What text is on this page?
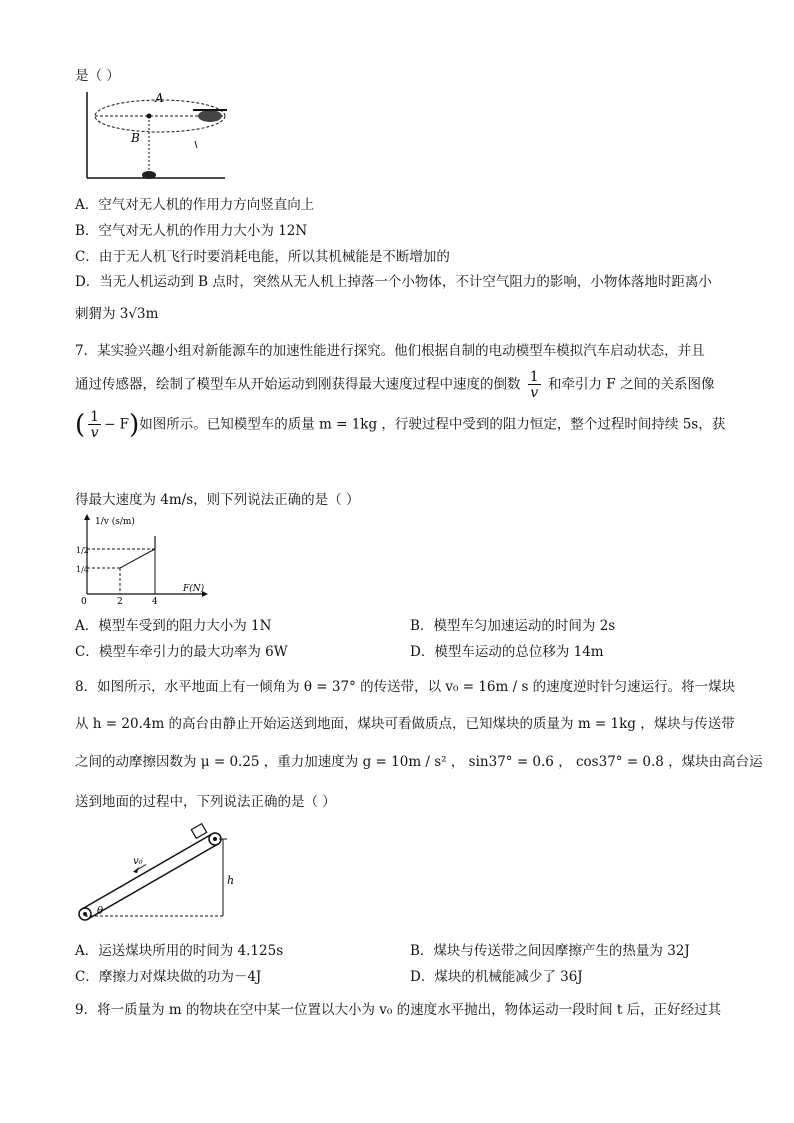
是（ ）
A
B
A．空气对无人机的作用力方向竖直向上
B．空气对无人机的作用力大小为 12N
C．由于无人机飞行时要消耗电能，所以其机械能是不断增加的
D．当无人机运动到 B 点时，突然从无人机上掉落一个小物体，不计空气阻力的影响，小物体落地时距离小
刺猬为 3√3m
7．某实验兴趣小组对新能源车的加速性能进行探究。他们根据自制的电动模型车模拟汽车启动状态，并且
通过传感器，绘制了模型车从开始运动到刚获得最大速度过程中速度的倒数 $\frac{1}{v}$ 和牵引力 F 之间的关系图像
( $\frac{1}{v} - F$)如图所示。已知模型车的质量 m = 1kg ，行驶过程中受到的阻力恒定，整个过程时间持续 5s，获
得最大速度为 4m/s，则下列说法正确的是（ ）
1/v (s/m)
F(N)
1/2
1/4
0	2	4
A．模型车受到的阻力大小为 1N	B．模型车匀加速运动的时间为 2s
C．模型车牵引力的最大功率为 6W	D．模型车运动的总位移为 14m
8．如图所示，水平地面上有一倾角为 θ = 37° 的传送带，以 v₀ = 16m / s 的速度逆时针匀速运行。将一煤块
从 h = 20.4m 的高台由静止开始运送到地面，煤块可看做质点，已知煤块的质量为 m = 1kg ，煤块与传送带
之间的动摩擦因数为 μ = 0.25 ，重力加速度为 g = 10m / s² ， sin37° = 0.6 ， cos37° = 0.8 ，煤块由高台运
送到地面的过程中，下列说法正确的是（ ）
h
v₀
θ
A．运送煤块所用的时间为 4.125s	B．煤块与传送带之间因摩擦产生的热量为 32J
C．摩擦力对煤块做的功为－4J	D．煤块的机械能减少了 36J
9．将一质量为 m 的物块在空中某一位置以大小为 v₀ 的速度水平抛出，物体运动一段时间 t 后，正好经过其
